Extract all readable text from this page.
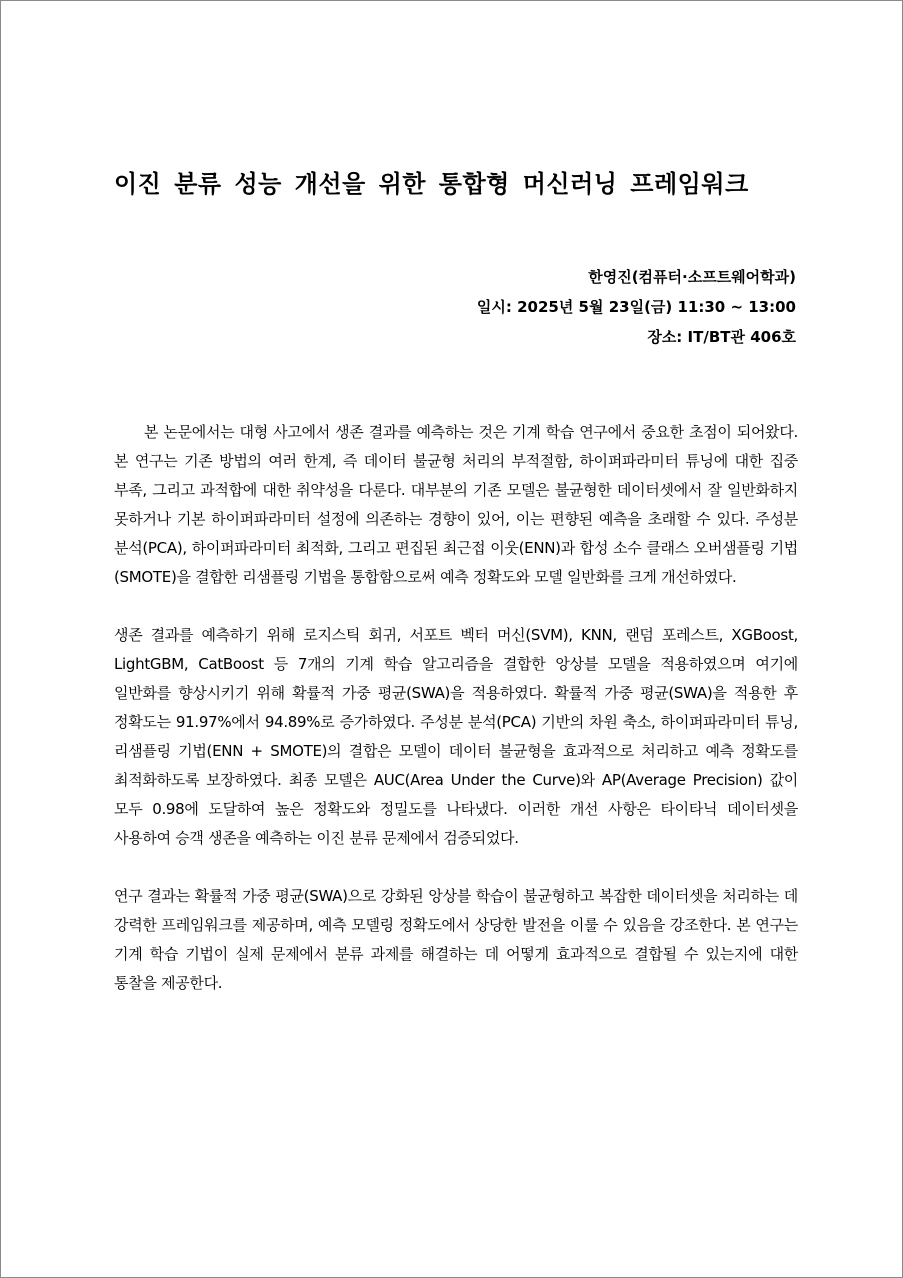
이진 분류 성능 개선을 위한 통합형 머신러닝 프레임워크
한영진(컴퓨터·소프트웨어학과)
일시: 2025년 5월 23일(금) 11:30 ~ 13:00
장소: IT/BT관 406호

본 논문에서는 대형 사고에서 생존 결과를 예측하는 것은 기계 학습 연구에서 중요한 초점이 되어왔다. 본 연구는 기존 방법의 여러 한계, 즉 데이터 불균형 처리의 부적절함, 하이퍼파라미터 튜닝에 대한 집중 부족, 그리고 과적합에 대한 취약성을 다룬다. 대부분의 기존 모델은 불균형한 데이터셋에서 잘 일반화하지 못하거나 기본 하이퍼파라미터 설정에 의존하는 경향이 있어, 이는 편향된 예측을 초래할 수 있다. 주성분 분석(PCA), 하이퍼파라미터 최적화, 그리고 편집된 최근접 이웃(ENN)과 합성 소수 클래스 오버샘플링 기법(SMOTE)을 결합한 리샘플링 기법을 통합함으로써 예측 정확도와 모델 일반화를 크게 개선하였다.

생존 결과를 예측하기 위해 로지스틱 회귀, 서포트 벡터 머신(SVM), KNN, 랜덤 포레스트, XGBoost, LightGBM, CatBoost 등 7개의 기계 학습 알고리즘을 결합한 앙상블 모델을 적용하였으며 여기에 일반화를 향상시키기 위해 확률적 가중 평균(SWA)을 적용하였다. 확률적 가중 평균(SWA)을 적용한 후 정확도는 91.97%에서 94.89%로 증가하였다. 주성분 분석(PCA) 기반의 차원 축소, 하이퍼파라미터 튜닝, 리샘플링 기법(ENN + SMOTE)의 결합은 모델이 데이터 불균형을 효과적으로 처리하고 예측 정확도를 최적화하도록 보장하였다. 최종 모델은 AUC(Area Under the Curve)와 AP(Average Precision) 값이 모두 0.98에 도달하여 높은 정확도와 정밀도를 나타냈다. 이러한 개선 사항은 타이타닉 데이터셋을 사용하여 승객 생존을 예측하는 이진 분류 문제에서 검증되었다.

연구 결과는 확률적 가중 평균(SWA)으로 강화된 앙상블 학습이 불균형하고 복잡한 데이터셋을 처리하는 데 강력한 프레임워크를 제공하며, 예측 모델링 정확도에서 상당한 발전을 이룰 수 있음을 강조한다. 본 연구는 기계 학습 기법이 실제 문제에서 분류 과제를 해결하는 데 어떻게 효과적으로 결합될 수 있는지에 대한 통찰을 제공한다.
